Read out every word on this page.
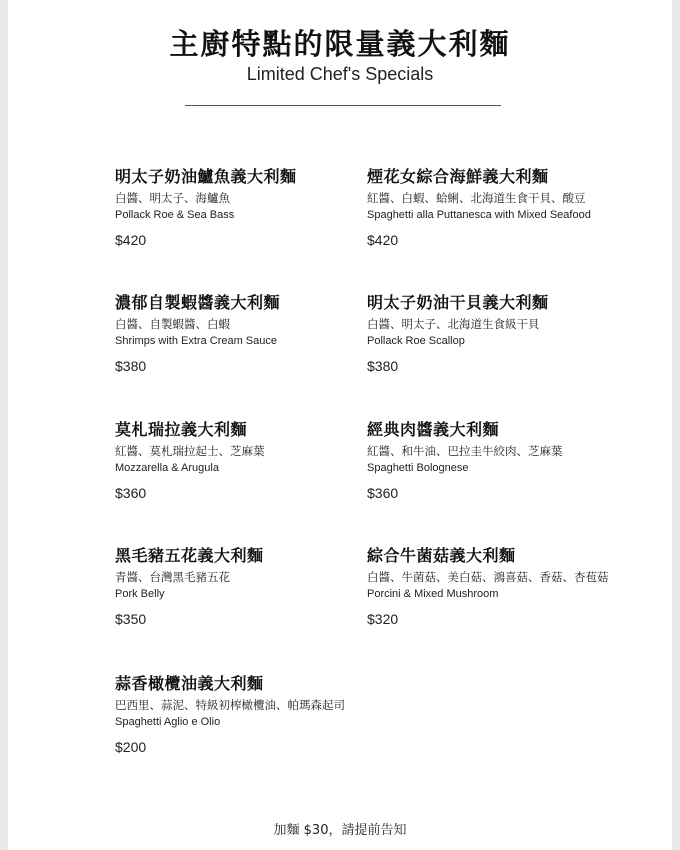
主廚特點的限量義大利麵
Limited Chef's Specials
明太子奶油鱸魚義大利麵
白醬、明太子、海鱸魚
Pollack Roe & Sea Bass
$420
煙花女綜合海鮮義大利麵
紅醬、白蝦、蛤蜊、北海道生食干貝、酸豆
Spaghetti alla Puttanesca with Mixed Seafood
$420
濃郁自製蝦醬義大利麵
白醬、自製蝦醬、白蝦
Shrimps with Extra Cream Sauce
$380
明太子奶油干貝義大利麵
白醬、明太子、北海道生食級干貝
Pollack Roe Scallop
$380
莫札瑞拉義大利麵
紅醬、莫札瑞拉起士、芝麻葉
Mozzarella & Arugula
$360
經典肉醬義大利麵
紅醬、和牛油、巴拉圭牛絞肉、芝麻葉
Spaghetti Bolognese
$360
黑毛豬五花義大利麵
青醬、台灣黑毛豬五花
Pork Belly
$350
綜合牛菌菇義大利麵
白醬、牛菌菇、美白菇、鴻喜菇、香菇、杏苞菇
Porcini & Mixed Mushroom
$320
蒜香橄欖油義大利麵
巴西里、蒜泥、特級初榨橄欖油、帕瑪森起司
Spaghetti Aglio e Olio
$200
加麵 $30，請提前告知
